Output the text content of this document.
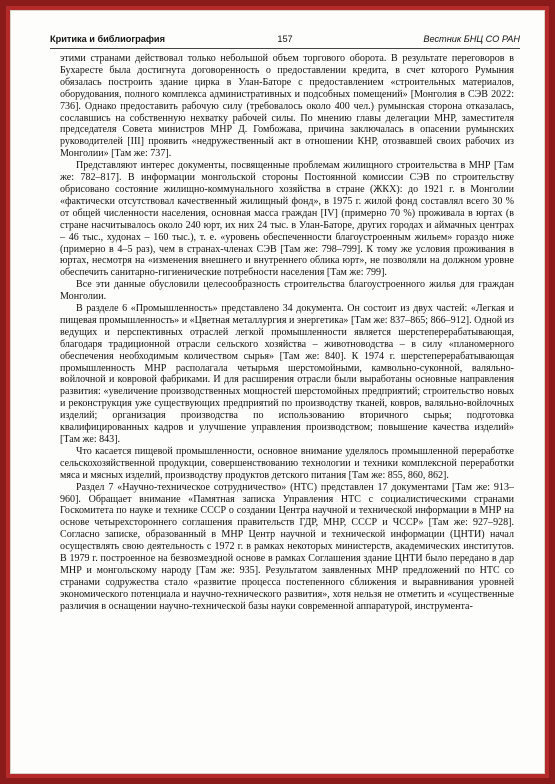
Критика и библиография	157	Вестник БНЦ СО РАН

этими странами действовал только небольшой объем торгового оборота. В результате переговоров в Бухаресте была достигнута договоренность о предоставлении кредита, в счет которого Румыния обязалась построить здание цирка в Улан-Баторе с предоставлением «строительных материалов, оборудования, полного комплекса административных и подсобных помещений» [Монголия в СЭВ 2022: 736]. Однако предоставить рабочую силу (требовалось около 400 чел.) румынская сторона отказалась, сославшись на собственную нехватку рабочей силы. По мнению главы делегации МНР, заместителя председателя Совета министров МНР Д. Гомбожава, причина заключалась в опасении румынских руководителей [III] проявить «недружественный акт в отношении КНР, отозвавшей своих рабочих из Монголии» [Там же: 737].

Представляют интерес документы, посвященные проблемам жилищного строительства в МНР [Там же: 782–817]. В информации монгольской стороны Постоянной комиссии СЭВ по строительству обрисовано состояние жилищно-коммунального хозяйства в стране (ЖКХ): до 1921 г. в Монголии «фактически отсутствовал качественный жилищный фонд», в 1975 г. жилой фонд составлял всего 30 % от общей численности населения, основная масса граждан [IV] (примерно 70 %) проживала в юртах (в стране насчитывалось около 240 юрт, их них 24 тыс. в Улан-Баторе, других городах и аймачных центрах – 46 тыс., худонах – 160 тыс.), т. е. «уровень обеспеченности благоустроенным жильем» гораздо ниже (примерно в 4–5 раз), чем в странах-членах СЭВ [Там же: 798–799]. К тому же условия проживания в юртах, несмотря на «изменения внешнего и внутреннего облика юрт», не позволяли на должном уровне обеспечить санитарно-гигиенические потребности населения [Там же: 799].

Все эти данные обусловили целесообразность строительства благоустроенного жилья для граждан Монголии.

В разделе 6 «Промышленность» представлено 34 документа. Он состоит из двух частей: «Легкая и пищевая промышленность» и «Цветная металлургия и энергетика» [Там же: 837–865; 866–912]. Одной из ведущих и перспективных отраслей легкой промышленности является шерстеперерабатывающая, благодаря традиционной отрасли сельского хозяйства – животноводства – в силу «планомерного обеспечения необходимым количеством сырья» [Там же: 840]. К 1974 г. шерстеперерабатывающая промышленность МНР располагала четырьмя шерстомойными, камвольно-суконной, валяльно-войлочной и ковровой фабриками. И для расширения отрасли были выработаны основные направления развития: «увеличение производственных мощностей шерстомойных предприятий; строительство новых и реконструкция уже существующих предприятий по производству тканей, ковров, валяльно-войлочных изделий; организация производства по использованию вторичного сырья; подготовка квалифицированных кадров и улучшение управления производством; повышение качества изделий» [Там же: 843].

Что касается пищевой промышленности, основное внимание уделялось промышленной переработке сельскохозяйственной продукции, совершенствованию технологии и техники комплексной переработки мяса и мясных изделий, производству продуктов детского питания [Там же: 855, 860, 862].

Раздел 7 «Научно-техническое сотрудничество» (НТС) представлен 17 документами [Там же: 913–960]. Обращает внимание «Памятная записка Управления НТС с социалистическими странами Госкомитета по науке и технике СССР о создании Центра научной и технической информации в МНР на основе четырехстороннего соглашения правительств ГДР, МНР, СССР и ЧССР» [Там же: 927–928]. Согласно записке, образованный в МНР Центр научной и технической информации (ЦНТИ) начал осуществлять свою деятельность с 1972 г. в рамках некоторых министерств, академических институтов. В 1979 г. построенное на безвозмездной основе в рамках Соглашения здание ЦНТИ было передано в дар МНР и монгольскому народу [Там же: 935]. Результатом заявленных МНР предложений по НТС со странами содружества стало «развитие процесса постепенного сближения и выравнивания уровней экономического потенциала и научно-технического развития», хотя нельзя не отметить и «существенные различия в оснащении научно-технической базы науки современной аппаратурой, инструмента-
